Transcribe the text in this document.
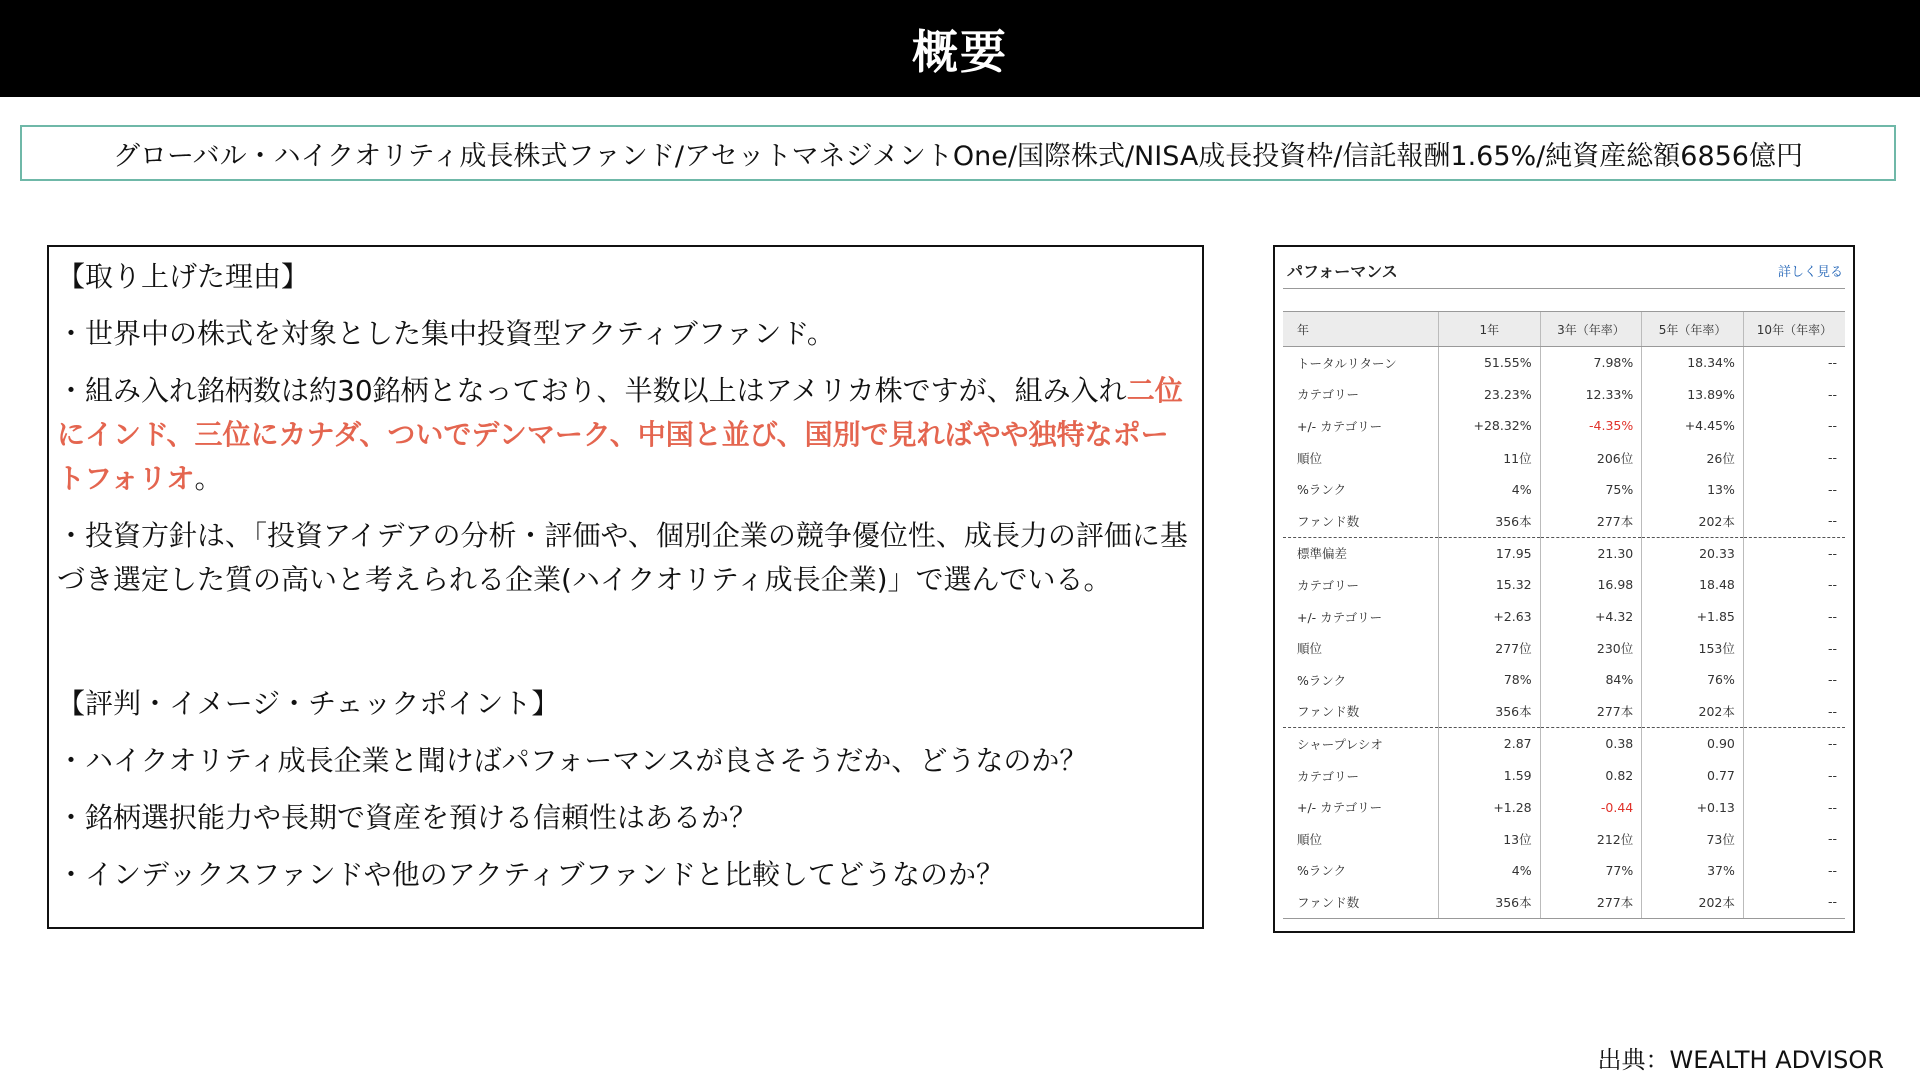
概要
グローバル・ハイクオリティ成長株式ファンド/アセットマネジメントOne/国際株式/NISA成長投資枠/信託報酬1.65%/純資産総額6856億円

【取り上げた理由】

・世界中の株式を対象とした集中投資型アクティブファンド。

・組み入れ銘柄数は約30銘柄となっており、半数以上はアメリカ株ですが、組み入れ二位にインド、三位にカナダ、ついでデンマーク、中国と並び、国別で見ればやや独特なポートフォリオ。

・投資方針は、「投資アイデアの分析・評価や、個別企業の競争優位性、成長力の評価に基づき選定した質の高いと考えられる企業(ハイクオリティ成長企業)」で選んでいる。

【評判・イメージ・チェックポイント】

・ハイクオリティ成長企業と聞けばパフォーマンスが良さそうだか、どうなのか？

・銘柄選択能力や長期で資産を預ける信頼性はあるか？

・インデックスファンドや他のアクティブファンドと比較してどうなのか？

パフォーマンス	詳しく見る
年	1年	3年（年率）	5年（年率）	10年（年率）
トータルリターン	51.55%	7.98%	18.34%	--
カテゴリー	23.23%	12.33%	13.89%	--
+/- カテゴリー	+28.32%	-4.35%	+4.45%	--
順位	11位	206位	26位	--
%ランク	4%	75%	13%	--
ファンド数	356本	277本	202本	--
標準偏差	17.95	21.30	20.33	--
カテゴリー	15.32	16.98	18.48	--
+/- カテゴリー	+2.63	+4.32	+1.85	--
順位	277位	230位	153位	--
%ランク	78%	84%	76%	--
ファンド数	356本	277本	202本	--
シャープレシオ	2.87	0.38	0.90	--
カテゴリー	1.59	0.82	0.77	--
+/- カテゴリー	+1.28	-0.44	+0.13	--
順位	13位	212位	73位	--
%ランク	4%	77%	37%	--
ファンド数	356本	277本	202本	--
出典：WEALTH ADVISOR
